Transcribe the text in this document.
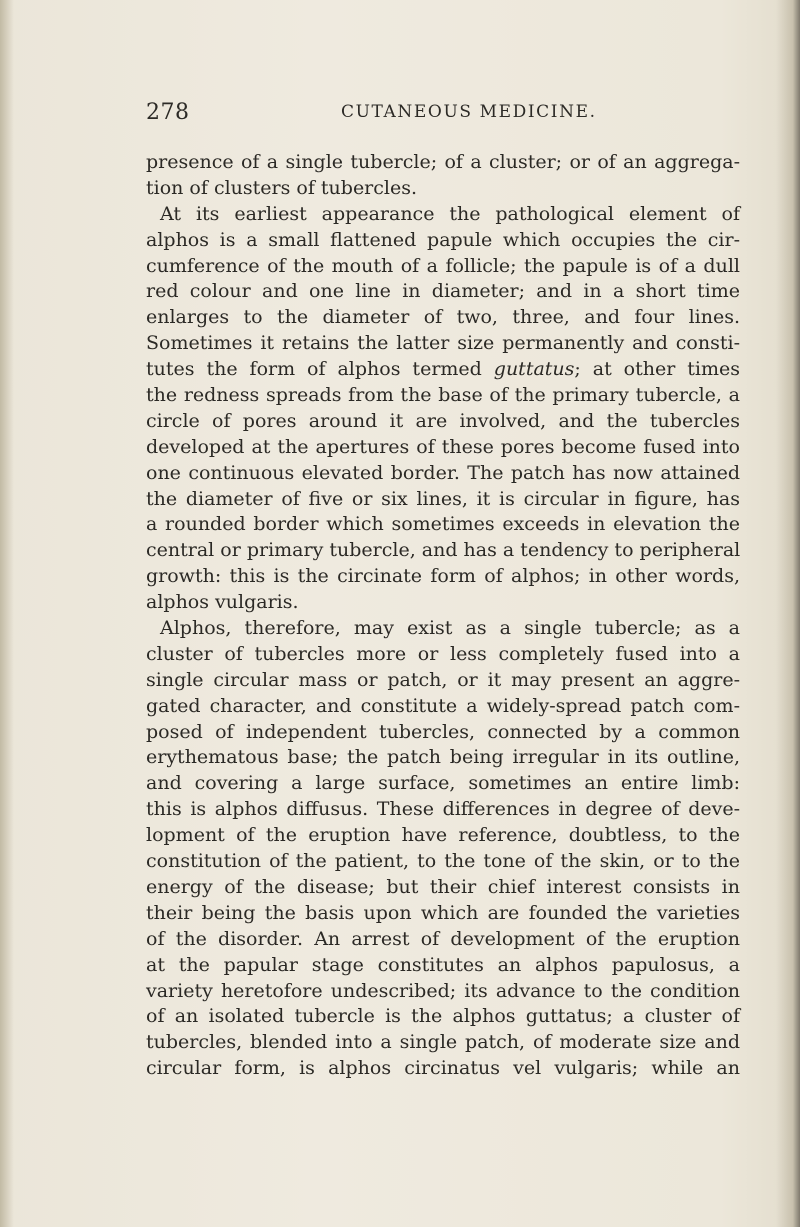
278	CUTANEOUS MEDICINE.
presence of a single tubercle; of a cluster; or of an aggrega-
tion of clusters of tubercles.
At its earliest appearance the pathological element of
alphos is a small flattened papule which occupies the cir-
cumference of the mouth of a follicle; the papule is of a dull
red colour and one line in diameter; and in a short time
enlarges to the diameter of two, three, and four lines.
Sometimes it retains the latter size permanently and consti-
tutes the form of alphos termed guttatus; at other times
the redness spreads from the base of the primary tubercle, a
circle of pores around it are involved, and the tubercles
developed at the apertures of these pores become fused into
one continuous elevated border. The patch has now attained
the diameter of five or six lines, it is circular in figure, has
a rounded border which sometimes exceeds in elevation the
central or primary tubercle, and has a tendency to peripheral
growth: this is the circinate form of alphos; in other words,
alphos vulgaris.
Alphos, therefore, may exist as a single tubercle; as a
cluster of tubercles more or less completely fused into a
single circular mass or patch, or it may present an aggre-
gated character, and constitute a widely-spread patch com-
posed of independent tubercles, connected by a common
erythematous base; the patch being irregular in its outline,
and covering a large surface, sometimes an entire limb:
this is alphos diffusus. These differences in degree of deve-
lopment of the eruption have reference, doubtless, to the
constitution of the patient, to the tone of the skin, or to the
energy of the disease; but their chief interest consists in
their being the basis upon which are founded the varieties
of the disorder. An arrest of development of the eruption
at the papular stage constitutes an alphos papulosus, a
variety heretofore undescribed; its advance to the condition
of an isolated tubercle is the alphos guttatus; a cluster of
tubercles, blended into a single patch, of moderate size and
circular form, is alphos circinatus vel vulgaris; while an
